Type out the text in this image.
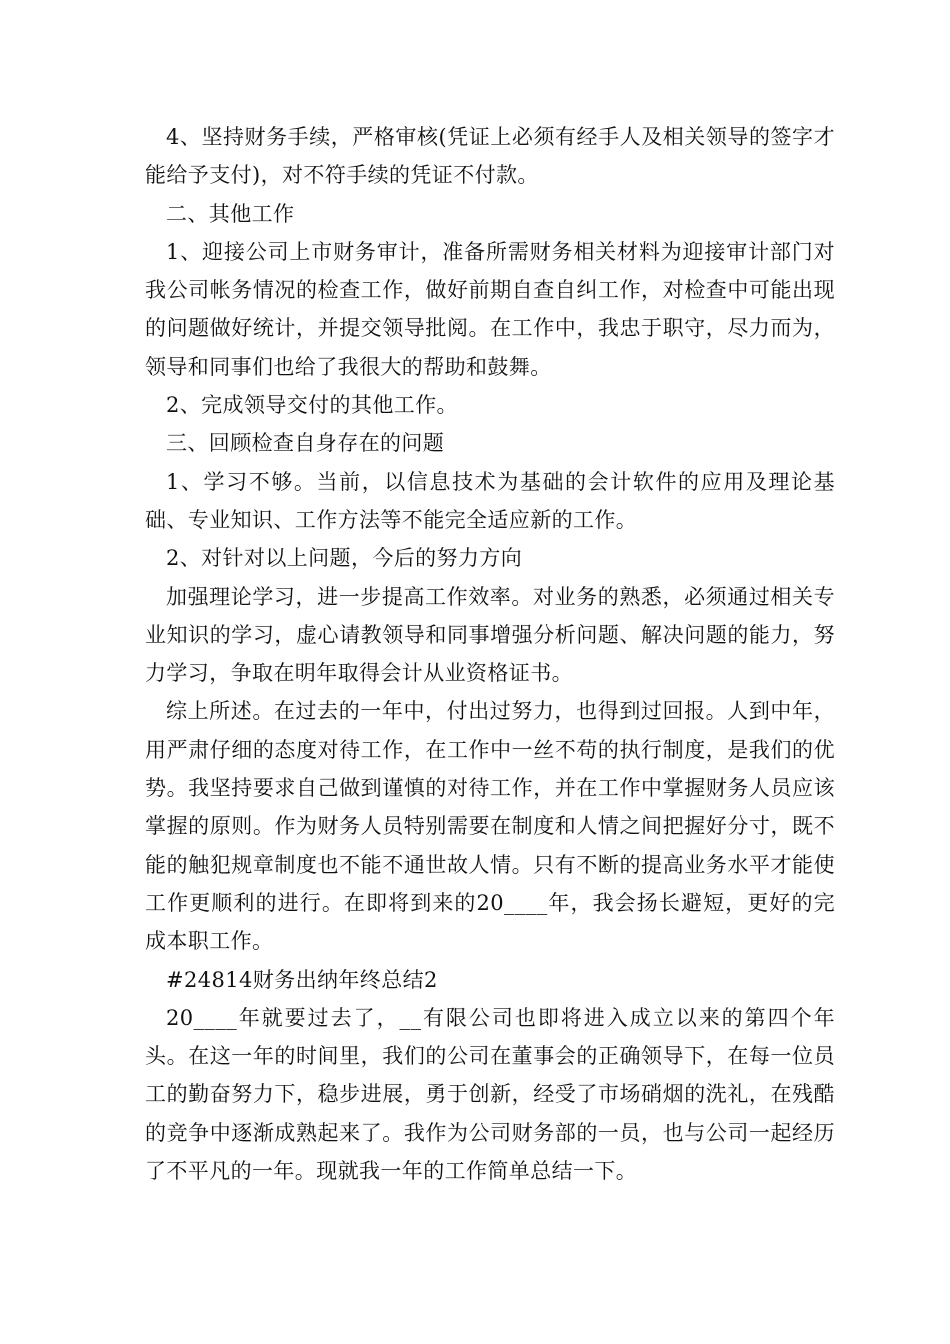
4、坚持财务手续，严格审核(凭证上必须有经手人及相关领导的签字才能给予支付)，对不符手续的凭证不付款。

二、其他工作

1、迎接公司上市财务审计，准备所需财务相关材料为迎接审计部门对我公司帐务情况的检查工作，做好前期自查自纠工作，对检查中可能出现的问题做好统计，并提交领导批阅。在工作中，我忠于职守，尽力而为，领导和同事们也给了我很大的帮助和鼓舞。

2、完成领导交付的其他工作。

三、回顾检查自身存在的问题

1、学习不够。当前，以信息技术为基础的会计软件的应用及理论基础、专业知识、工作方法等不能完全适应新的工作。

2、对针对以上问题，今后的努力方向

加强理论学习，进一步提高工作效率。对业务的熟悉，必须通过相关专业知识的学习，虚心请教领导和同事增强分析问题、解决问题的能力，努力学习，争取在明年取得会计从业资格证书。

综上所述。在过去的一年中，付出过努力，也得到过回报。人到中年，用严肃仔细的态度对待工作，在工作中一丝不苟的执行制度，是我们的优势。我坚持要求自己做到谨慎的对待工作，并在工作中掌握财务人员应该掌握的原则。作为财务人员特别需要在制度和人情之间把握好分寸，既不能的触犯规章制度也不能不通世故人情。只有不断的提高业务水平才能使工作更顺利的进行。在即将到来的20____年，我会扬长避短，更好的完成本职工作。

#24814财务出纳年终总结2

20____年就要过去了，__有限公司也即将进入成立以来的第四个年头。在这一年的时间里，我们的公司在董事会的正确领导下，在每一位员工的勤奋努力下，稳步进展，勇于创新，经受了市场硝烟的洗礼，在残酷的竞争中逐渐成熟起来了。我作为公司财务部的一员，也与公司一起经历了不平凡的一年。现就我一年的工作简单总结一下。
